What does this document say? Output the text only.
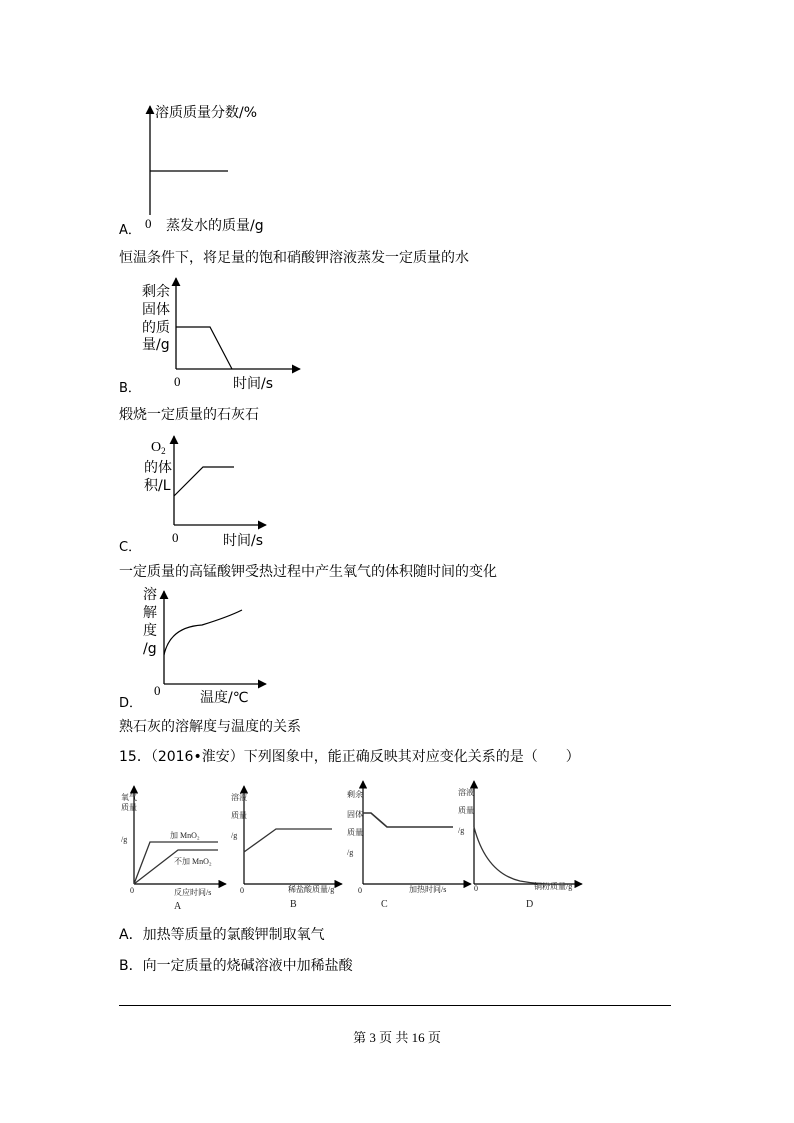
溶质质量分数/%
0 蒸发水的质量/g
A．
恒温条件下，将足量的饱和硝酸钾溶液蒸发一定质量的水
剩余
固体
的质
量/g
0	时间/s
B．
煅烧一定质量的石灰石
$O_2$
的体
积/L
0	时间/s
C．
一定质量的高锰酸钾受热过程中产生氧气的体积随时间的变化
溶
解
度
/g
0	温度/℃
D．
熟石灰的溶解度与温度的关系
15．（2016•淮安）下列图象中，能正确反映其对应变化关系的是（　　）
氧气
质量
/g	加 MnO₂
不加 MnO₂
0	反应时间/s
A
溶液
质量
/g
0	稀盐酸质量/g
B
剩余
固体
质量
/g
0	加热时间/s
C
溶液
质量
/g
0	铜粉质量/g
D
A．加热等质量的氯酸钾制取氧气
B．向一定质量的烧碱溶液中加稀盐酸
第 3 页 共 16 页
